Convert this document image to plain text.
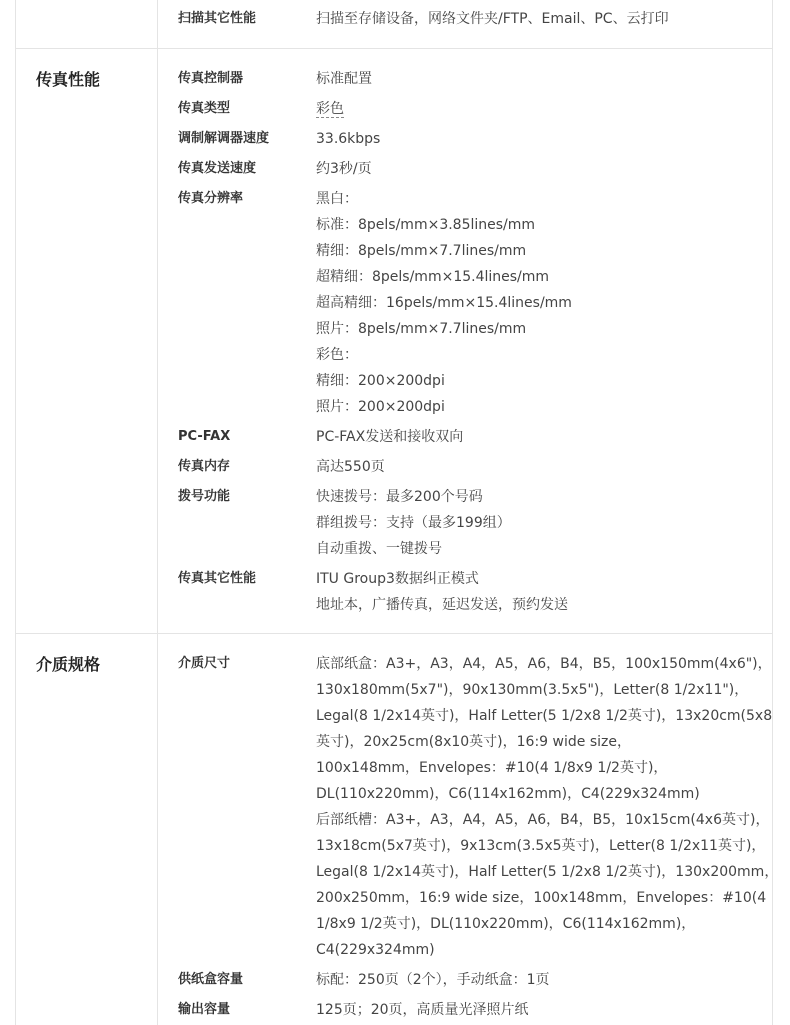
扫描其它性能	扫描至存储设备，网络文件夹/FTP、Email、PC、云打印
传真性能	传真控制器	标准配置
传真类型	彩色
调制解调器速度	33.6kbps
传真发送速度	约3秒/页
传真分辨率	黑白：
标准：8pels/mm×3.85lines/mm
精细：8pels/mm×7.7lines/mm
超精细：8pels/mm×15.4lines/mm
超高精细：16pels/mm×15.4lines/mm
照片：8pels/mm×7.7lines/mm
彩色：
精细：200×200dpi
照片：200×200dpi
PC-FAX	PC-FAX发送和接收双向
传真内存	高达550页
拨号功能	快速拨号：最多200个号码
群组拨号：支持（最多199组）
自动重拨、一键拨号
传真其它性能	ITU Group3数据纠正模式
地址本，广播传真，延迟发送，预约发送
介质规格	介质尺寸	底部纸盒：A3+，A3，A4，A5，A6，B4，B5，100x150mm(4x6")，
130x180mm(5x7")，90x130mm(3.5x5")，Letter(8 1/2x11")，
Legal(8 1/2x14英寸)，Half Letter(5 1/2x8 1/2英寸)，13x20cm(5x8
英寸)，20x25cm(8x10英寸)，16:9 wide size，
100x148mm，Envelopes：#10(4 1/8x9 1/2英寸)，
DL(110x220mm)，C6(114x162mm)，C4(229x324mm)
后部纸槽：A3+，A3，A4，A5，A6，B4，B5，10x15cm(4x6英寸)，
13x18cm(5x7英寸)，9x13cm(3.5x5英寸)，Letter(8 1/2x11英寸)，
Legal(8 1/2x14英寸)，Half Letter(5 1/2x8 1/2英寸)，130x200mm，
200x250mm，16:9 wide size，100x148mm，Envelopes：#10(4
1/8x9 1/2英寸)，DL(110x220mm)，C6(114x162mm)，
C4(229x324mm)
供纸盒容量	标配：250页（2个），手动纸盒：1页
输出容量	125页；20页，高质量光泽照片纸
